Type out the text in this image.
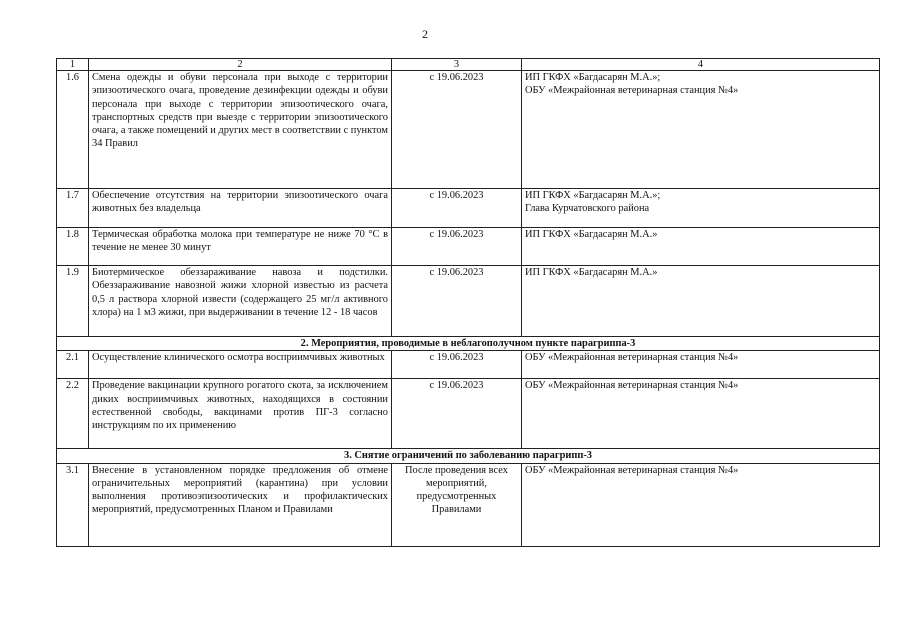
2
1	2	3	4
1.6	Смена одежды и обуви персонала при выходе с территории эпизоотического очага, проведение дезинфекции одежды и обуви персонала при выходе с территории эпизоотического очага, транспортных средств при выезде с территории эпизоотического очага, а также помещений и других мест в соответствии с пунктом 34 Правил	с 19.06.2023	ИП ГКФХ «Багдасарян М.А.»;
ОБУ «Межрайонная ветеринарная станция №4»

1.7	Обеспечение отсутствия на территории эпизоотического очага животных без владельца	с 19.06.2023	ИП ГКФХ «Багдасарян М.А.»;
Глава Курчатовского района

1.8	Термическая обработка молока при температуре не ниже 70 °С в течение не менее 30 минут	с 19.06.2023	ИП ГКФХ «Багдасарян М.А.»

1.9	Биотермическое обеззараживание навоза и подстилки. Обеззараживание навозной жижи хлорной известью из расчета 0,5 л раствора хлорной извести (содержащего 25 мг/л активного хлора) на 1 м3 жижи, при выдерживании в течение 12 - 18 часов	с 19.06.2023	ИП ГКФХ «Багдасарян М.А.»

2. Мероприятия, проводимые в неблагополучном пункте парагриппа-3			
2.1	Осуществление клинического осмотра восприимчивых животных	с 19.06.2023	ОБУ «Межрайонная ветеринарная станция №4»

2.2	Проведение вакцинации крупного рогатого скота, за исключением диких восприимчивых животных, находящихся в состоянии естественной свободы, вакцинами против ПГ-3 согласно инструкциям по их применению	с 19.06.2023	ОБУ «Межрайонная ветеринарная станция №4»

3. Снятие ограничений по заболеванию парагрипп-3			
3.1	Внесение в установленном порядке предложения об отмене ограничительных мероприятий (карантина) при условии выполнения противоэпизоотических и профилактических мероприятий, предусмотренных Планом и Правилами	После проведения всех мероприятий, предусмотренных Правилами	ОБУ «Межрайонная ветеринарная станция №4»
